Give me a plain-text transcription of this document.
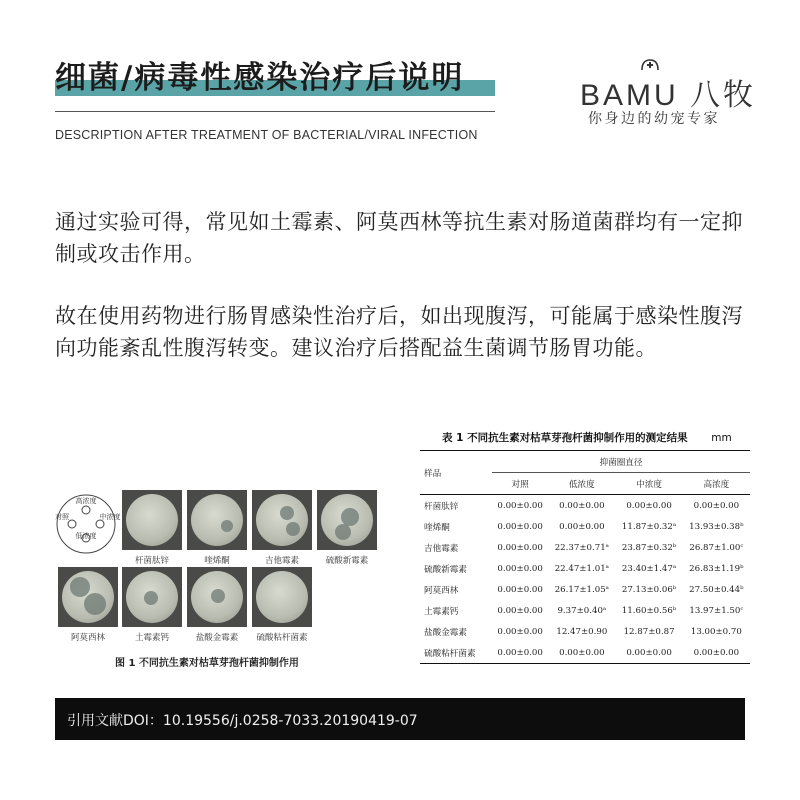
细菌/病毒性感染治疗后说明
DESCRIPTION AFTER TREATMENT OF BACTERIAL/VIRAL INFECTION
BAMU 八牧
你身边的幼宠专家
通过实验可得，常见如土霉素、阿莫西林等抗生素对肠道菌群均有一定抑制或攻击作用。
故在使用药物进行肠胃感染性治疗后，如出现腹泻，可能属于感染性腹泻向功能紊乱性腹泻转变。建议治疗后搭配益生菌调节肠胃功能。
高浓度
对照	中浓度
低浓度
杆菌肽锌	喹烯酮	吉他霉素	硫酸新霉素
阿莫西林	土霉素钙	盐酸金霉素	硫酸粘杆菌素
图 1 不同抗生素对枯草芽孢杆菌抑制作用
表 1 不同抗生素对枯草芽孢杆菌抑制作用的测定结果 mm
样品	抑菌圈直径			
	对照	低浓度	中浓度	高浓度
杆菌肽锌	0.00±0.00	0.00±0.00	0.00±0.00	0.00±0.00
喹烯酮	0.00±0.00	0.00±0.00	11.87±0.32ᵃ	13.93±0.38ᵇ
吉他霉素	0.00±0.00	22.37±0.71ᵃ	23.87±0.32ᵇ	26.87±1.00ᶜ
硫酸新霉素	0.00±0.00	22.47±1.01ᵃ	23.40±1.47ᵃ	26.83±1.19ᵇ
阿莫西林	0.00±0.00	26.17±1.05ᵃ	27.13±0.06ᵇ	27.50±0.44ᵇ
土霉素钙	0.00±0.00	9.37±0.40ᵃ	11.60±0.56ᵇ	13.97±1.50ᶜ
盐酸金霉素	0.00±0.00	12.47±0.90	12.87±0.87	13.00±0.70
硫酸粘杆菌素	0.00±0.00	0.00±0.00	0.00±0.00	0.00±0.00
引用文献DOI：10.19556/j.0258-7033.20190419-07
